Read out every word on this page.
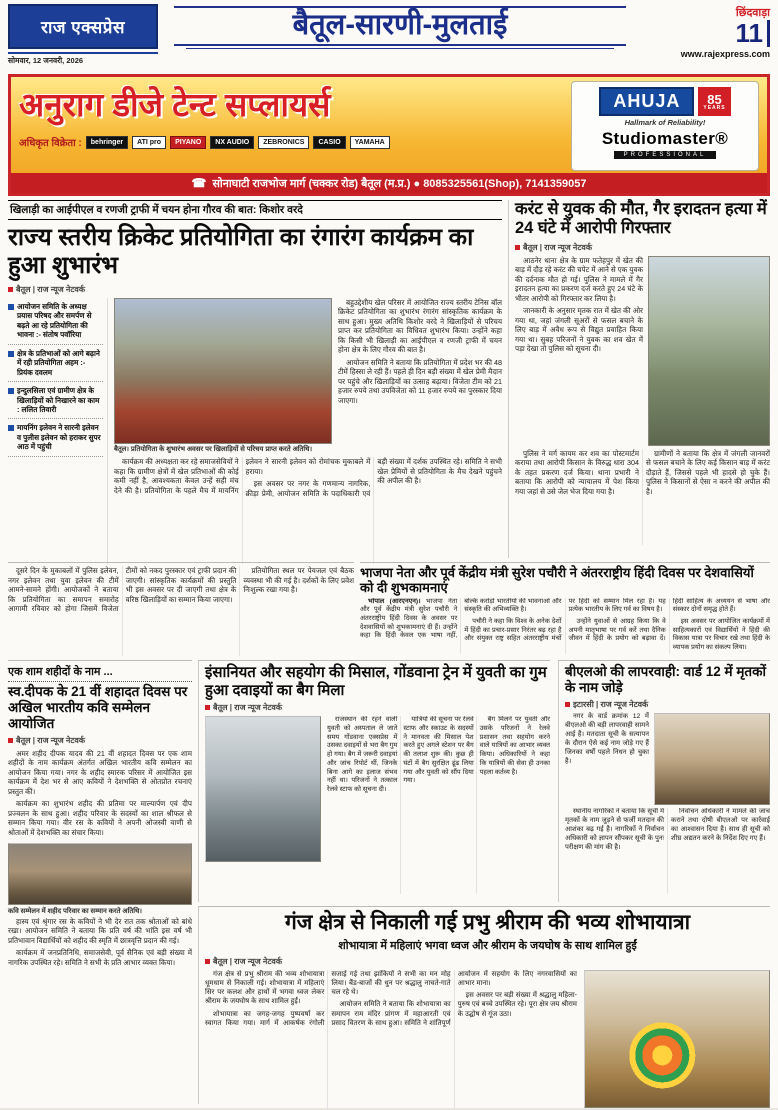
राज एक्सप्रेस
सोमवार, 12 जनवरी, 2026
बैतूल-सारणी-मुलताई	छिंदवाड़ा
11
www.rajexpress.com
अनुराग डीजे टेन्ट सप्लायर्स
अधिकृत विक्रेता :	behringer	ATI pro	PIYANO	NX AUDIO	ZEBRONICS	CASIO	YAMAHA
AHUJA	85
YEARS
Hallmark of Reliability!
Studiomaster®
PROFESSIONAL
☎ सोनाघाटी राजभोज मार्ग (चक्कर रोड) बैतूल (म.प्र.) ● 8085325561(Shop), 7141359057
खिलाड़ी का आईपीएल व रणजी ट्राफी में चयन होना गौरव की बात: किशोर वरदे
राज्य स्तरीय क्रिकेट प्रतियोगिता का रंगारंग कार्यक्रम का हुआ शुभारंभ
बैतूल | राज न्यूज नेटवर्क
आयोजन समिति के अध्यक्ष प्रयास परिषद और समर्पण से बढ़ते आ रहे प्रतियोगिता की भावना :- संतोष पवॉरिया
क्षेत्र के प्रतिभाओं को आगे बढ़ाने में रही प्रतियोगिता अहम :- प्रियंक दवलम
इन्दुलसिला एवं ग्रामीण क्षेत्र के खिलाड़ियों को निखारने का काम : ललित तिवारी
मायनिंग इलेवन ने सारनी इलेवन व पुलीस इलेवन को हराकर सुपर आठ में पहुंची	बैतूल। प्रतियोगिता के शुभारंभ अवसर पर खिलाड़ियों से परिचय प्राप्त करते अतिथि।

बहुउद्देशीय खेल परिसर में आयोजित राज्य स्तरीय टेनिस बॉल क्रिकेट प्रतियोगिता का शुभारंभ रंगारंग सांस्कृतिक कार्यक्रम के साथ हुआ। मुख्य अतिथि किशोर वरदे ने खिलाड़ियों से परिचय प्राप्त कर प्रतियोगिता का विधिवत शुभारंभ किया। उन्होंने कहा कि किसी भी खिलाड़ी का आईपीएल व रणजी ट्राफी में चयन होना क्षेत्र के लिए गौरव की बात है।

आयोजन समिति ने बताया कि प्रतियोगिता में प्रदेश भर की 48 टीमें हिस्सा ले रही हैं। पहले ही दिन बड़ी संख्या में खेल प्रेमी मैदान पर पहुंचे और खिलाड़ियों का उत्साह बढ़ाया। विजेता टीम को 21 हजार रुपये तथा उपविजेता को 11 हजार रुपये का पुरस्कार दिया जाएगा।

कार्यक्रम की अध्यक्षता कर रहे समाजसेवियों ने कहा कि ग्रामीण क्षेत्रों में खेल प्रतिभाओं की कोई कमी नहीं है, आवश्यकता केवल उन्हें सही मंच देने की है। प्रतियोगिता के पहले मैच में मायनिंग इलेवन ने सारनी इलेवन को रोमांचक मुकाबले में हराया।

इस अवसर पर नगर के गणमान्य नागरिक, क्रीड़ा प्रेमी, आयोजन समिति के पदाधिकारी एवं बड़ी संख्या में दर्शक उपस्थित रहे। समिति ने सभी खेल प्रेमियों से प्रतियोगिता के मैच देखने पहुंचने की अपील की है।

करंट से युवक की मौत, गैर इरादतन हत्या में 24 घंटे में आरोपी गिरफ्तार
बैतूल | राज न्यूज नेटवर्क

आठनेर थाना क्षेत्र के ग्राम फतेहपुर में खेत की बाड़ में दौड़ रहे करंट की चपेट में आने से एक युवक की दर्दनाक मौत हो गई। पुलिस ने मामले में गैर इरादतन हत्या का प्रकरण दर्ज करते हुए 24 घंटे के भीतर आरोपी को गिरफ्तार कर लिया है।

जानकारी के अनुसार मृतक रात में खेत की ओर गया था, जहां जंगली सूअरों से फसल बचाने के लिए बाड़ में अवैध रूप से विद्युत प्रवाहित किया गया था। सुबह परिजनों ने युवक का शव खेत में पड़ा देखा तो पुलिस को सूचना दी।

पुलिस ने मर्ग कायम कर शव का पोस्टमार्टम कराया तथा आरोपी किसान के विरुद्ध धारा 304 के तहत प्रकरण दर्ज किया। थाना प्रभारी ने बताया कि आरोपी को न्यायालय में पेश किया गया जहां से उसे जेल भेज दिया गया है।

ग्रामीणों ने बताया कि क्षेत्र में जंगली जानवरों से फसल बचाने के लिए कई किसान बाड़ में करंट दौड़ाते हैं, जिससे पहले भी हादसे हो चुके हैं। पुलिस ने किसानों से ऐसा न करने की अपील की है।

दूसरे दिन के मुकाबलों में पुलिस इलेवन, नगर इलेवन तथा युवा इलेवन की टीमें आमने-सामने होंगी। आयोजकों ने बताया कि प्रतियोगिता का समापन समारोह आगामी रविवार को होगा जिसमें विजेता टीमों को नकद पुरस्कार एवं ट्राफी प्रदान की जाएगी। सांस्कृतिक कार्यक्रमों की प्रस्तुति भी इस अवसर पर दी जाएगी तथा क्षेत्र के वरिष्ठ खिलाड़ियों का सम्मान किया जाएगा।

प्रतियोगिता स्थल पर पेयजल एवं बैठक व्यवस्था भी की गई है। दर्शकों के लिए प्रवेश निःशुल्क रखा गया है।

भाजपा नेता और पूर्व केंद्रीय मंत्री सुरेश पचौरी ने अंतरराष्ट्रीय हिंदी दिवस पर देशवासियों को दी शुभकामनाएं

भोपाल (आरएनएन)। भाजपा नेता और पूर्व केंद्रीय मंत्री सुरेश पचौरी ने अंतरराष्ट्रीय हिंदी दिवस के अवसर पर देशवासियों को शुभकामनाएं दी हैं। उन्होंने कहा कि हिंदी केवल एक भाषा नहीं, बल्कि करोड़ों भारतीयों की भावनाओं और संस्कृति की अभिव्यक्ति है।

पचौरी ने कहा कि विश्व के अनेक देशों में हिंदी का प्रचार-प्रसार निरंतर बढ़ रहा है और संयुक्त राष्ट्र सहित अंतरराष्ट्रीय मंचों पर हिंदी को सम्मान मिल रहा है। यह प्रत्येक भारतीय के लिए गर्व का विषय है।

उन्होंने युवाओं से आग्रह किया कि वे अपनी मातृभाषा पर गर्व करें तथा दैनिक जीवन में हिंदी के प्रयोग को बढ़ावा दें। हिंदी साहित्य के अध्ययन से भाषा और संस्कार दोनों समृद्ध होते हैं।

इस अवसर पर आयोजित कार्यक्रमों में साहित्यकारों एवं विद्यार्थियों ने हिंदी की विकास यात्रा पर विचार रखे तथा हिंदी के व्यापक प्रयोग का संकल्प लिया।

एक शाम शहीदों के नाम ...
स्व.दीपक के 21 वीं शहादत दिवस पर अखिल भारतीय कवि सम्मेलन आयोजित
बैतूल | राज न्यूज नेटवर्क

अमर शहीद दीपक यादव की 21 वीं शहादत दिवस पर एक शाम शहीदों के नाम कार्यक्रम अंतर्गत अखिल भारतीय कवि सम्मेलन का आयोजन किया गया। नगर के शहीद स्मारक परिसर में आयोजित इस कार्यक्रम में देश भर से आए कवियों ने देशभक्ति से ओतप्रोत रचनाएं प्रस्तुत कीं।

कार्यक्रम का शुभारंभ शहीद की प्रतिमा पर माल्यार्पण एवं दीप प्रज्वलन के साथ हुआ। शहीद परिवार के सदस्यों का शाल श्रीफल से सम्मान किया गया। वीर रस के कवियों ने अपनी ओजस्वी वाणी से श्रोताओं में देशभक्ति का संचार किया।

कवि सम्मेलन में शहीद परिवार का सम्मान करते अतिथि।

हास्य एवं श्रृंगार रस के कवियों ने भी देर रात तक श्रोताओं को बांधे रखा। आयोजन समिति ने बताया कि प्रति वर्ष की भांति इस वर्ष भी प्रतिभावान विद्यार्थियों को शहीद की स्मृति में छात्रवृत्ति प्रदान की गई।

कार्यक्रम में जनप्रतिनिधि, समाजसेवी, पूर्व सैनिक एवं बड़ी संख्या में नागरिक उपस्थित रहे। समिति ने सभी के प्रति आभार व्यक्त किया।

इंसानियत और सहयोग की मिसाल, गोंडवाना ट्रेन में युवती का गुम हुआ दवाइयों का बैग मिला
बैतूल | राज न्यूज नेटवर्क

राजस्थान की रहने वाली युवती को अस्पताल ले जाते समय गोंडवाना एक्सप्रेस में उसका दवाइयों से भरा बैग गुम हो गया। बैग में जरूरी दवाइयां और जांच रिपोर्ट थीं, जिनके बिना आगे का इलाज संभव नहीं था। परिजनों ने तत्काल रेलवे स्टाफ को सूचना दी।

यात्रियों की सूचना पर रेलवे स्टाफ और स्काउट के सदस्यों ने मानवता की मिसाल पेश करते हुए अगले स्टेशन पर बैग की तलाश शुरू की। कुछ ही घंटों में बैग सुरक्षित ढूंढ लिया गया और युवती को सौंप दिया गया।

बैग मिलने पर युवती और उसके परिजनों ने रेलवे प्रशासन तथा सहयोग करने वाले यात्रियों का आभार व्यक्त किया। अधिकारियों ने कहा कि यात्रियों की सेवा ही उनका पहला कर्तव्य है।

बीएलओ की लापरवाही: वार्ड 12 में मृतकों के नाम जोड़े
इटारसी | राज न्यूज नेटवर्क

नगर के वार्ड क्रमांक 12 में बीएलओ की बड़ी लापरवाही सामने आई है। मतदाता सूची के सत्यापन के दौरान ऐसे कई नाम जोड़े गए हैं जिनका वर्षों पहले निधन हो चुका है।

स्थानीय नागरिकों ने बताया कि सूची में मृतकों के नाम जुड़ने से फर्जी मतदान की आशंका बढ़ गई है। नागरिकों ने निर्वाचन अधिकारी को ज्ञापन सौंपकर सूची के पुनः परीक्षण की मांग की है।

निर्वाचन अधिकारी ने मामले की जांच कराने तथा दोषी बीएलओ पर कार्रवाई का आश्वासन दिया है। साथ ही सूची को शीघ्र अद्यतन करने के निर्देश दिए गए हैं।

गंज क्षेत्र से निकाली गई प्रभु श्रीराम की भव्य शोभायात्रा
शोभायात्रा में महिलाएं भगवा ध्वज और श्रीराम के जयघोष के साथ शामिल हुईं
बैतूल | राज न्यूज नेटवर्क

गंज क्षेत्र से प्रभु श्रीराम की भव्य शोभायात्रा धूमधाम से निकाली गई। शोभायात्रा में महिलाएं सिर पर कलश और हाथों में भगवा ध्वज लेकर श्रीराम के जयघोष के साथ शामिल हुईं।

शोभायात्रा का जगह-जगह पुष्पवर्षा कर स्वागत किया गया। मार्ग में आकर्षक रंगोली सजाई गई तथा झांकियों ने सभी का मन मोह लिया। बैंड-बाजों की धुन पर श्रद्धालु नाचते-गाते चल रहे थे।

आयोजन समिति ने बताया कि शोभायात्रा का समापन राम मंदिर प्रांगण में महाआरती एवं प्रसाद वितरण के साथ हुआ। समिति ने शांतिपूर्ण आयोजन में सहयोग के लिए नगरवासियों का आभार माना।

इस अवसर पर बड़ी संख्या में श्रद्धालु महिला-पुरुष एवं बच्चे उपस्थित रहे। पूरा क्षेत्र जय श्रीराम के उद्घोष से गूंज उठा।
